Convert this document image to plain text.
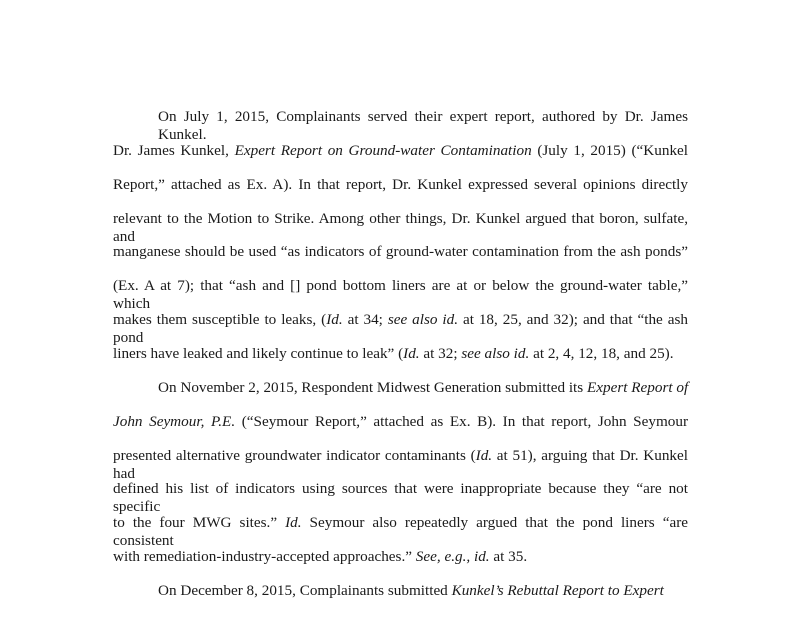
On July 1, 2015, Complainants served their expert report, authored by Dr. James Kunkel.
Dr. James Kunkel, Expert Report on Ground-water Contamination (July 1, 2015) (“Kunkel
Report,” attached as Ex. A). In that report, Dr. Kunkel expressed several opinions directly
relevant to the Motion to Strike. Among other things, Dr. Kunkel argued that boron, sulfate, and
manganese should be used “as indicators of ground-water contamination from the ash ponds”
(Ex. A at 7); that “ash and [] pond bottom liners are at or below the ground-water table,” which
makes them susceptible to leaks, (Id. at 34; see also id. at 18, 25, and 32); and that “the ash pond
liners have leaked and likely continue to leak” (Id. at 32; see also id. at 2, 4, 12, 18, and 25).
On November 2, 2015, Respondent Midwest Generation submitted its Expert Report of
John Seymour, P.E. (“Seymour Report,” attached as Ex. B). In that report, John Seymour
presented alternative groundwater indicator contaminants (Id. at 51), arguing that Dr. Kunkel had
defined his list of indicators using sources that were inappropriate because they “are not specific
to the four MWG sites.” Id. Seymour also repeatedly argued that the pond liners “are consistent
with remediation-industry-accepted approaches.” See, e.g., id. at 35.
On December 8, 2015, Complainants submitted Kunkel’s Rebuttal Report to Expert
